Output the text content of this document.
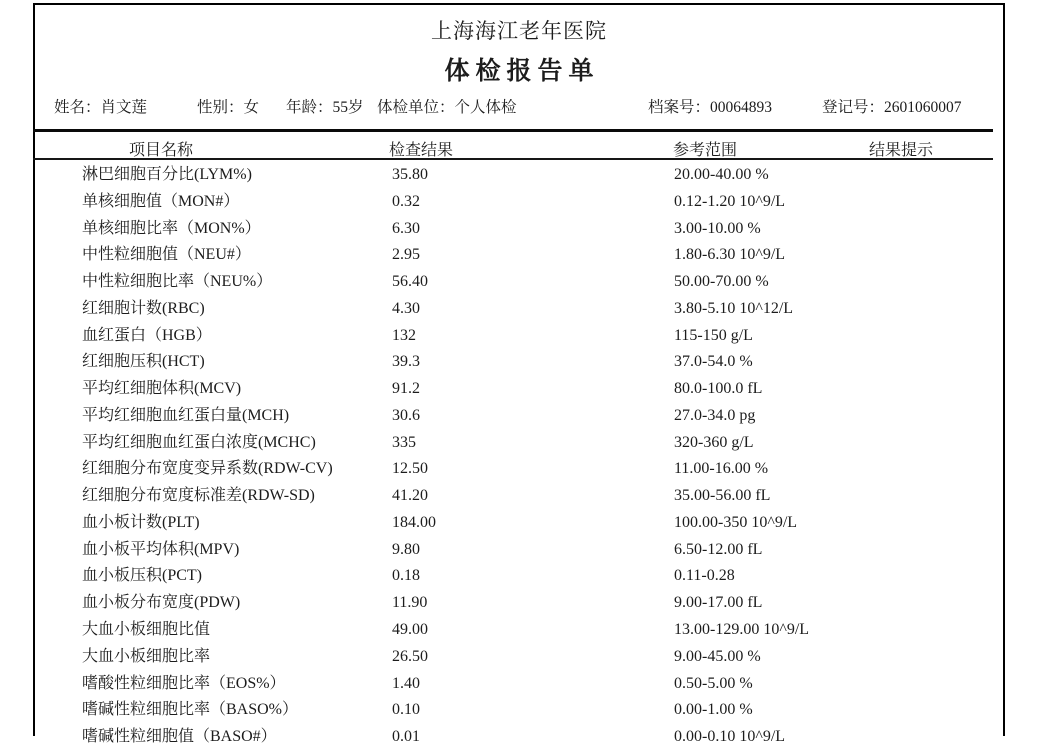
上海海江老年医院
体检报告单
姓名：肖文莲	性别：女 年龄：55岁 体检单位：个人体检	档案号：00064893	登记号：2601060007
项目名称	检查结果	参考范围	结果提示
淋巴细胞百分比(LYM%)	35.80	20.00-40.00 %
单核细胞值（MON#）	0.32	0.12-1.20 10^9/L
单核细胞比率（MON%）	6.30	3.00-10.00 %
中性粒细胞值（NEU#）	2.95	1.80-6.30 10^9/L
中性粒细胞比率（NEU%）	56.40	50.00-70.00 %
红细胞计数(RBC)	4.30	3.80-5.10 10^12/L
血红蛋白（HGB）	132	115-150 g/L
红细胞压积(HCT)	39.3	37.0-54.0 %
平均红细胞体积(MCV)	91.2	80.0-100.0 fL
平均红细胞血红蛋白量(MCH)	30.6	27.0-34.0 pg
平均红细胞血红蛋白浓度(MCHC)	335	320-360 g/L
红细胞分布宽度变异系数(RDW-CV)	12.50	11.00-16.00 %
红细胞分布宽度标准差(RDW-SD)	41.20	35.00-56.00 fL
血小板计数(PLT)	184.00	100.00-350 10^9/L
血小板平均体积(MPV)	9.80	6.50-12.00 fL
血小板压积(PCT)	0.18	0.11-0.28
血小板分布宽度(PDW)	11.90	9.00-17.00 fL
大血小板细胞比值	49.00	13.00-129.00 10^9/L
大血小板细胞比率	26.50	9.00-45.00 %
嗜酸性粒细胞比率（EOS%）	1.40	0.50-5.00 %
嗜碱性粒细胞比率（BASO%）	0.10	0.00-1.00 %
嗜碱性粒细胞值（BASO#）	0.01	0.00-0.10 10^9/L
